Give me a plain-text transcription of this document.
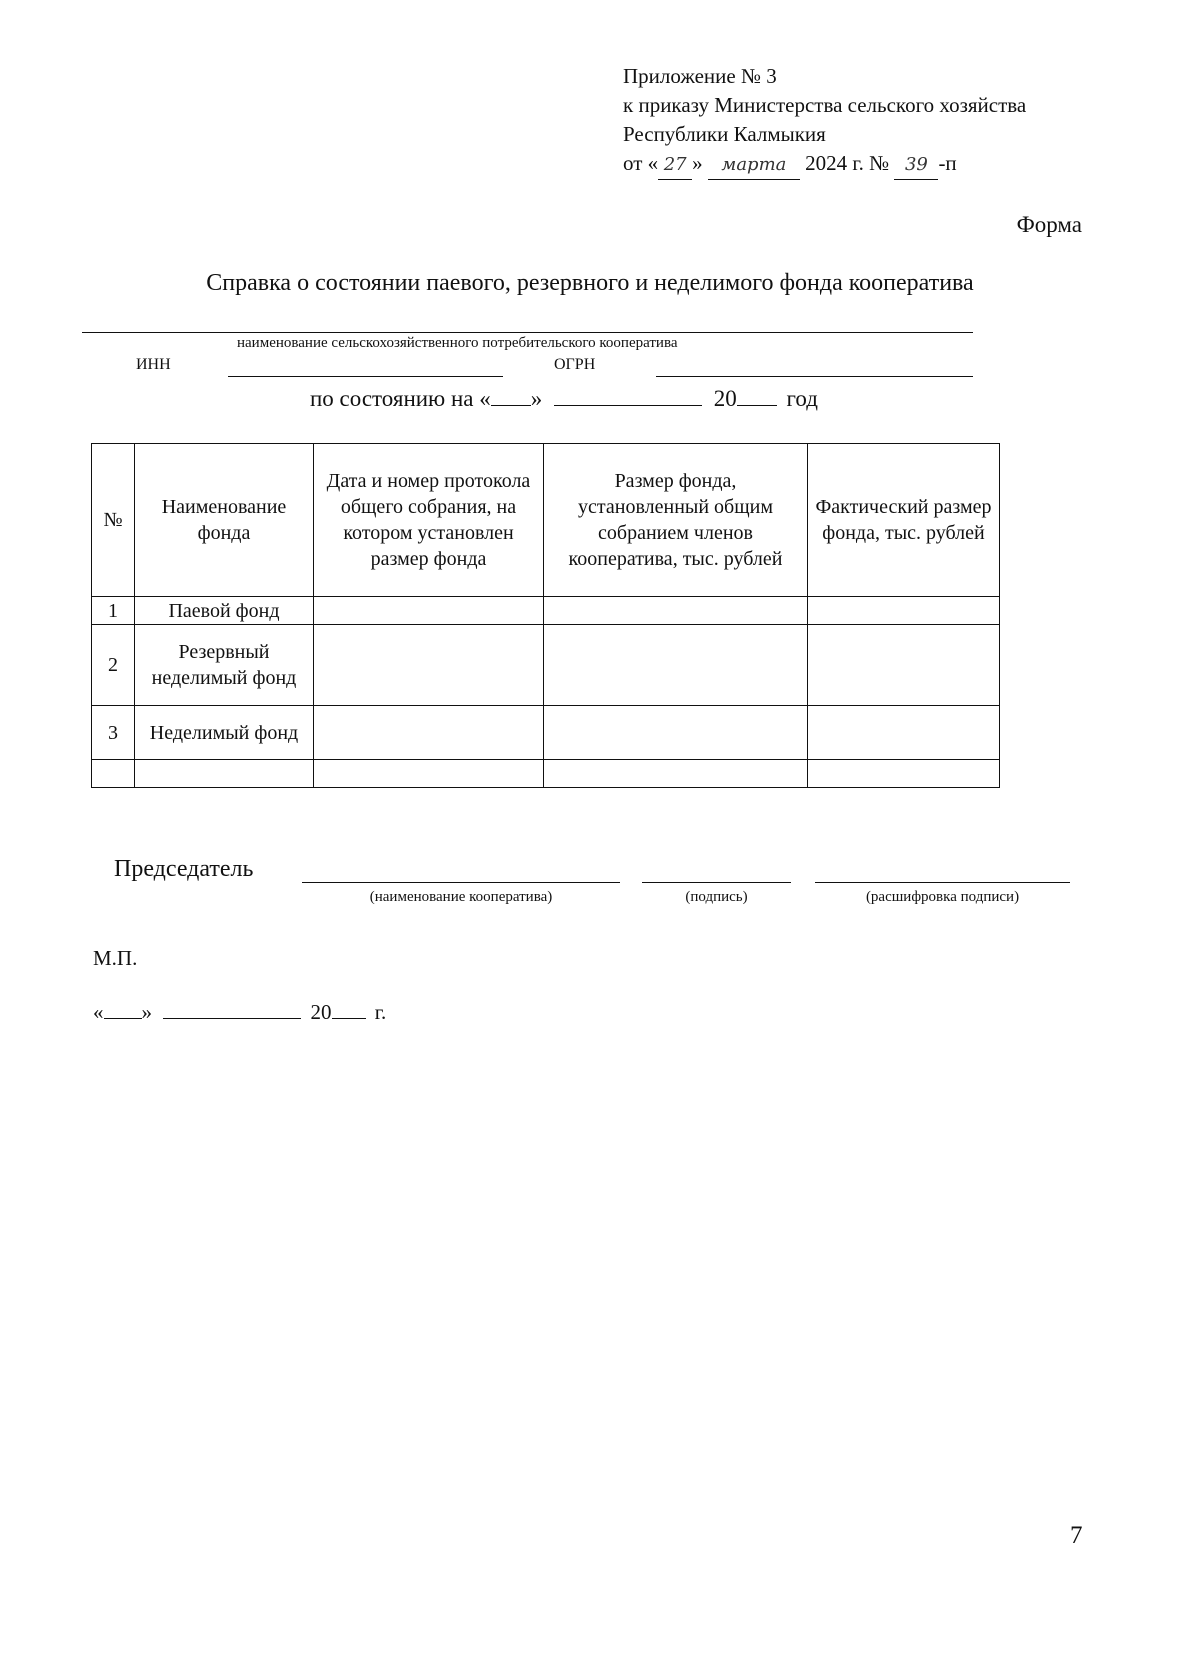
Приложение № 3
к приказу Министерства сельского хозяйства
Республики Калмыкия
от « 27 » марта 2024 г. № 39 -п
Форма
Справка о состоянии паевого, резервного и неделимого фонда кооператива
наименование сельскохозяйственного потребительского кооператива
ИНН	ОГРН
по состоянию на « »	20 год
№	Наименование фонда	Дата и номер протокола общего собрания, на котором установлен размер фонда	Размер фонда, установленный общим собранием членов кооператива, тыс. рублей	Фактический размер фонда, тыс. рублей
1	Паевой фонд			
2	Резервный неделимый фонд			
3	Неделимый фонд			

Председатель
(наименование кооператива)	(подпись)	(расшифровка подписи)
М.П.
« »	20 г.
7
